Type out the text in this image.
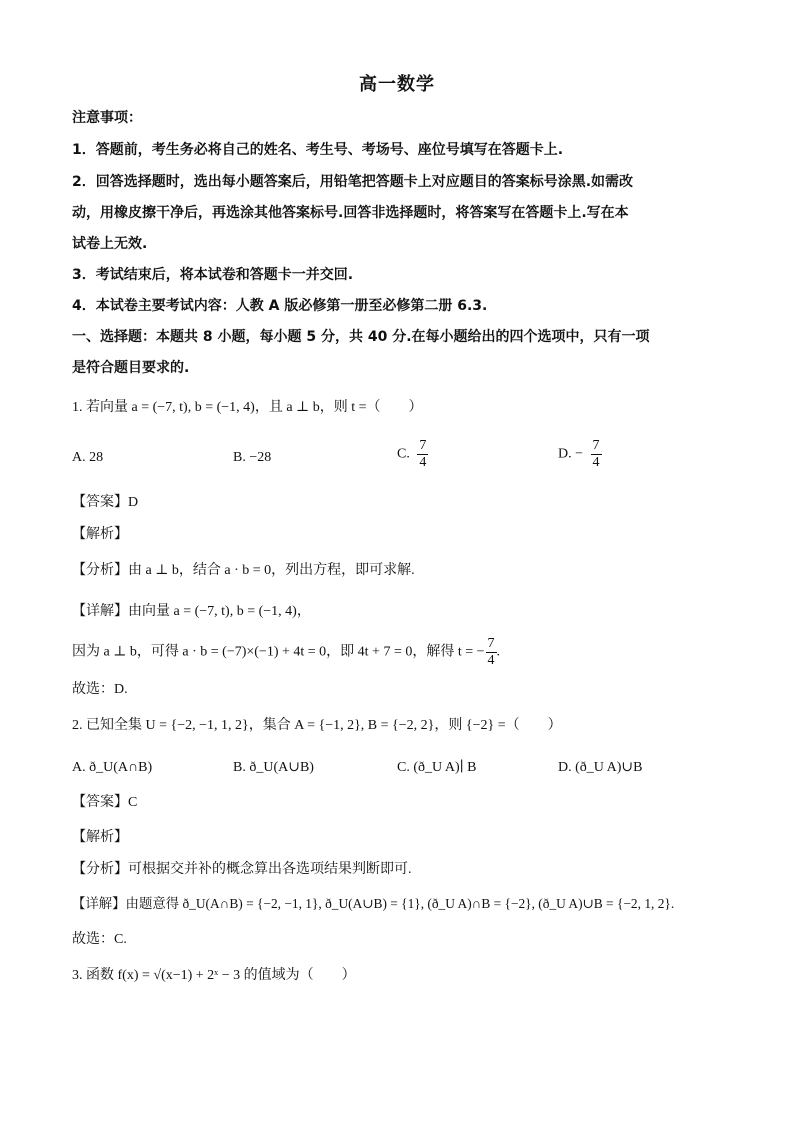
高一数学
注意事项：
1．答题前，考生务必将自己的姓名、考生号、考场号、座位号填写在答题卡上.
2．回答选择题时，选出每小题答案后，用铅笔把答题卡上对应题目的答案标号涂黑.如需改
动，用橡皮擦干净后，再选涂其他答案标号.回答非选择题时，将答案写在答题卡上.写在本
试卷上无效.
3．考试结束后，将本试卷和答题卡一并交回.
4．本试卷主要考试内容：人教 A 版必修第一册至必修第二册 6.3.
一、选择题：本题共 8 小题，每小题 5 分，共 40 分.在每小题给出的四个选项中，只有一项
是符合题目要求的.
1. 若向量 a = (−7, t), b = (−1, 4)，且 a ⊥ b，则 t =（　　）
A. 28	B. −28	C. $\frac{7}{4}$	D. − $\frac{7}{4}$
【答案】D
【解析】
【分析】由 a ⊥ b，结合 a · b = 0，列出方程，即可求解.
【详解】由向量 a = (−7, t), b = (−1, 4)，
因为 a ⊥ b，可得 a · b = (−7)×(−1) + 4t = 0，即 4t + 7 = 0，解得 t = − $\frac{7}{4}$ .
故选：D.
2. 已知全集 U = {−2, −1, 1, 2}，集合 A = {−1, 2}, B = {−2, 2}，则 {−2} =（　　）
A. ð_U(A∩B)	B. ð_U(A∪B)	C. (ð_U A)∣ B	D. (ð_U A)∪B
【答案】C
【解析】
【分析】可根据交并补的概念算出各选项结果判断即可.
【详解】由题意得 ð_U(A∩B) = {−2, −1, 1}, ð_U(A∪B) = {1}, (ð_U A)∩B = {−2}, (ð_U A)∪B = {−2, 1, 2}.
故选：C.
3. 函数 f(x) = √(x−1) + 2ˣ − 3 的值域为（　　）
